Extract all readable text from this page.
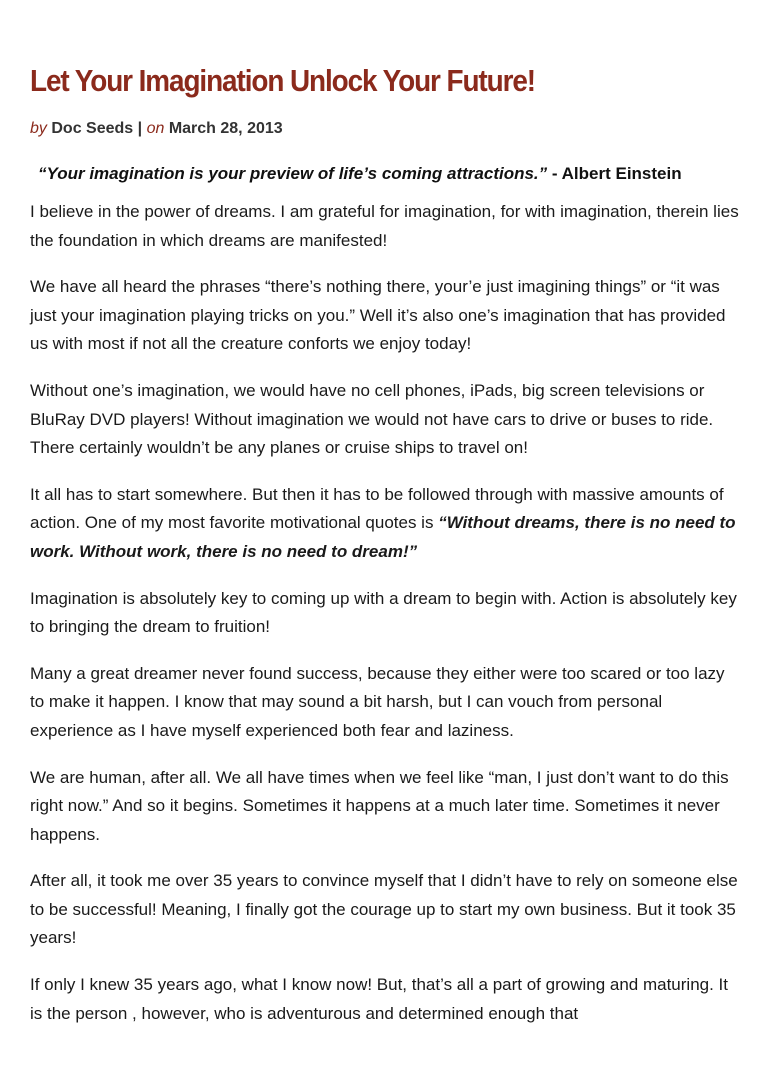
Let Your Imagination Unlock Your Future!
by Doc Seeds | on March 28, 2013
“Your imagination is your preview of life’s coming attractions.” - Albert Einstein

I believe in the power of dreams. I am grateful for imagination, for with imagination, therein lies the foundation in which dreams are manifested!

We have all heard the phrases “there’s nothing there, your’e just imagining things” or “it was just your imagination playing tricks on you.” Well it’s also one’s imagination that has provided us with most if not all the creature conforts we enjoy today!

Without one’s imagination, we would have no cell phones, iPads, big screen televisions or BluRay DVD players! Without imagination we would not have cars to drive or buses to ride. There certainly wouldn’t be any planes or cruise ships to travel on!

It all has to start somewhere. But then it has to be followed through with massive amounts of action. One of my most favorite motivational quotes is “Without dreams, there is no need to work. Without work, there is no need to dream!”

Imagination is absolutely key to coming up with a dream to begin with. Action is absolutely key to bringing the dream to fruition!

Many a great dreamer never found success, because they either were too scared or too lazy to make it happen. I know that may sound a bit harsh, but I can vouch from personal experience as I have myself experienced both fear and laziness.

We are human, after all. We all have times when we feel like “man, I just don’t want to do this right now.” And so it begins. Sometimes it happens at a much later time. Sometimes it never happens.

After all, it took me over 35 years to convince myself that I didn’t have to rely on someone else to be successful! Meaning, I finally got the courage up to start my own business. But it took 35 years!

If only I knew 35 years ago, what I know now! But, that’s all a part of growing and maturing. It is the person , however, who is adventurous and determined enough that
